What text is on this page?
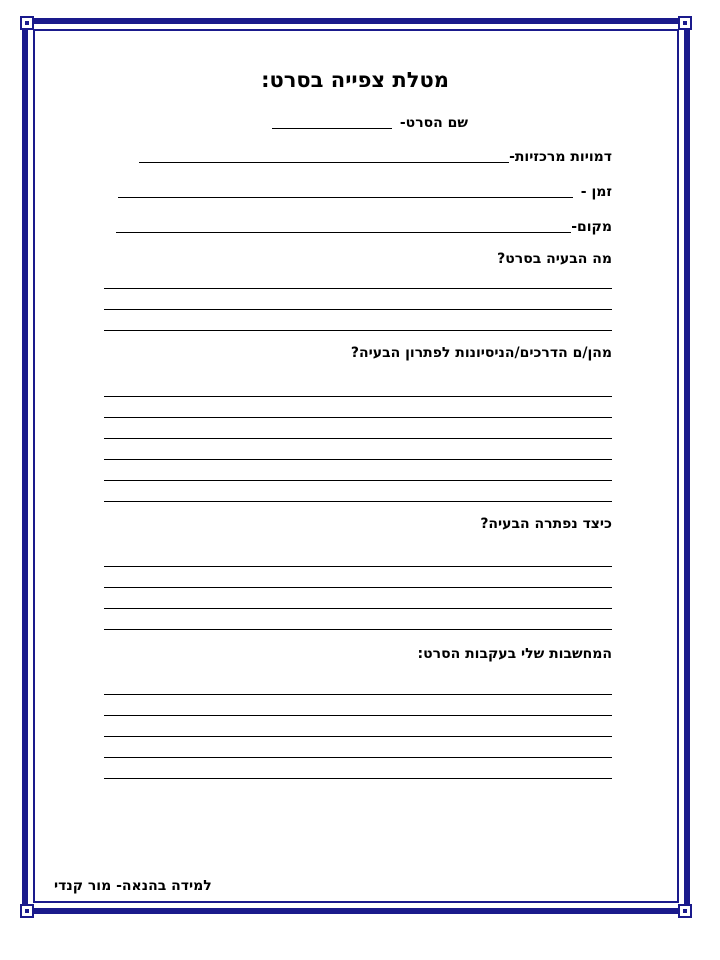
מטלת צפייה בסרט:
שם הסרט-
דמויות מרכזיות-
זמן -
מקום-
מה הבעיה בסרט?
מהן/ם הדרכים/הניסיונות לפתרון הבעיה?
כיצד נפתרה הבעיה?
המחשבות שלי בעקבות הסרט:
למידה בהנאה- מור קנדי
